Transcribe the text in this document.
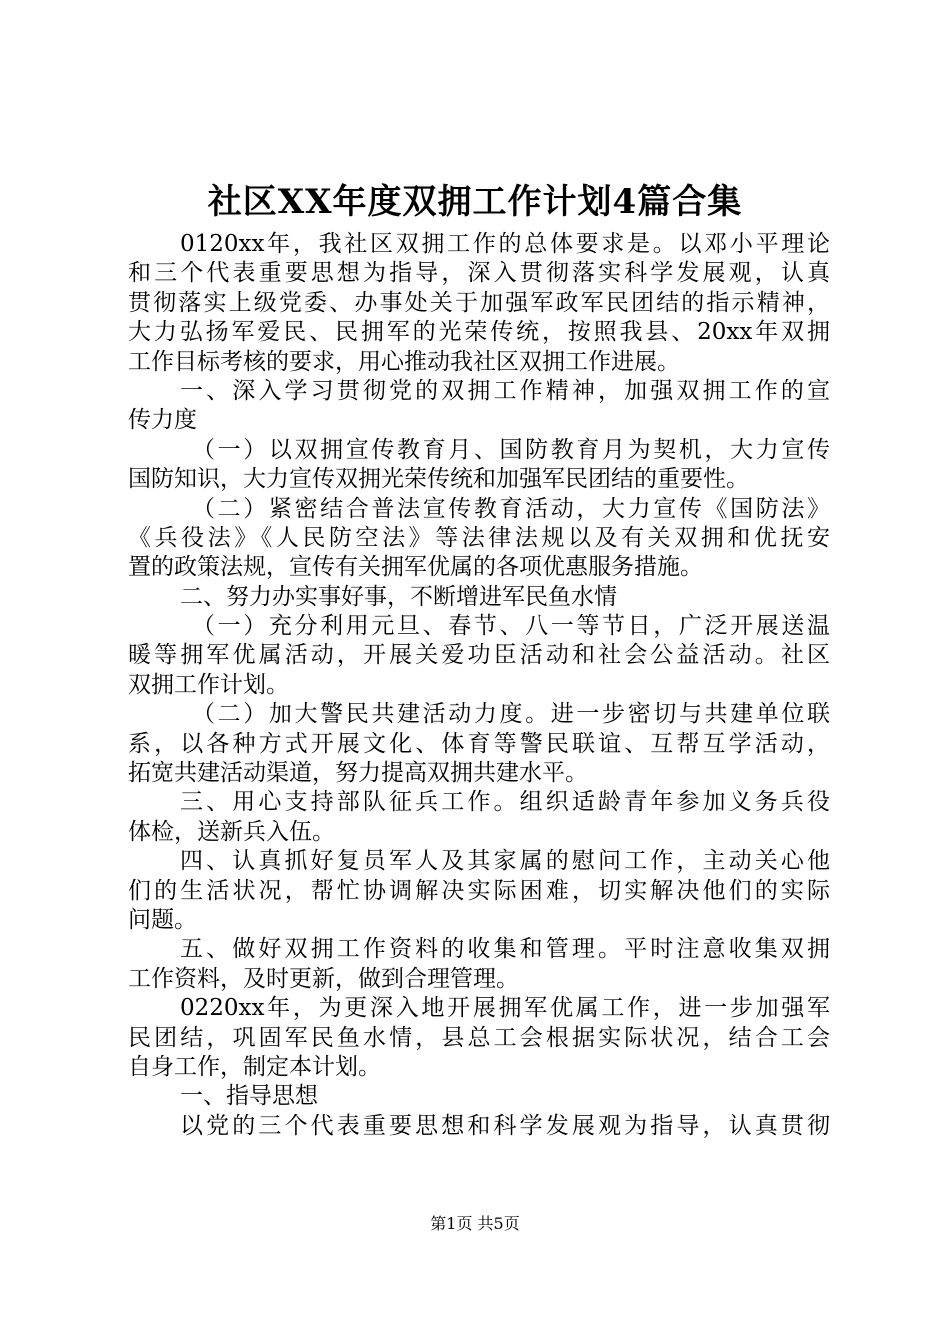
社区XX年度双拥工作计划4篇合集
0120xx年，我社区双拥工作的总体要求是。以邓小平理论
和三个代表重要思想为指导，深入贯彻落实科学发展观，认真
贯彻落实上级党委、办事处关于加强军政军民团结的指示精神，
大力弘扬军爱民、民拥军的光荣传统，按照我县、20xx年双拥
工作目标考核的要求，用心推动我社区双拥工作进展。
一、深入学习贯彻党的双拥工作精神，加强双拥工作的宣
传力度
（一）以双拥宣传教育月、国防教育月为契机，大力宣传
国防知识，大力宣传双拥光荣传统和加强军民团结的重要性。
（二）紧密结合普法宣传教育活动，大力宣传《国防法》
《兵役法》《人民防空法》等法律法规以及有关双拥和优抚安
置的政策法规，宣传有关拥军优属的各项优惠服务措施。
二、努力办实事好事，不断增进军民鱼水情
（一）充分利用元旦、春节、八一等节日，广泛开展送温
暖等拥军优属活动，开展关爱功臣活动和社会公益活动。社区
双拥工作计划。
（二）加大警民共建活动力度。进一步密切与共建单位联
系，以各种方式开展文化、体育等警民联谊、互帮互学活动，
拓宽共建活动渠道，努力提高双拥共建水平。
三、用心支持部队征兵工作。组织适龄青年参加义务兵役
体检，送新兵入伍。
四、认真抓好复员军人及其家属的慰问工作，主动关心他
们的生活状况，帮忙协调解决实际困难，切实解决他们的实际
问题。
五、做好双拥工作资料的收集和管理。平时注意收集双拥
工作资料，及时更新，做到合理管理。
0220xx年，为更深入地开展拥军优属工作，进一步加强军
民团结，巩固军民鱼水情，县总工会根据实际状况，结合工会
自身工作，制定本计划。
一、指导思想
以党的三个代表重要思想和科学发展观为指导，认真贯彻
第1页 共5页
